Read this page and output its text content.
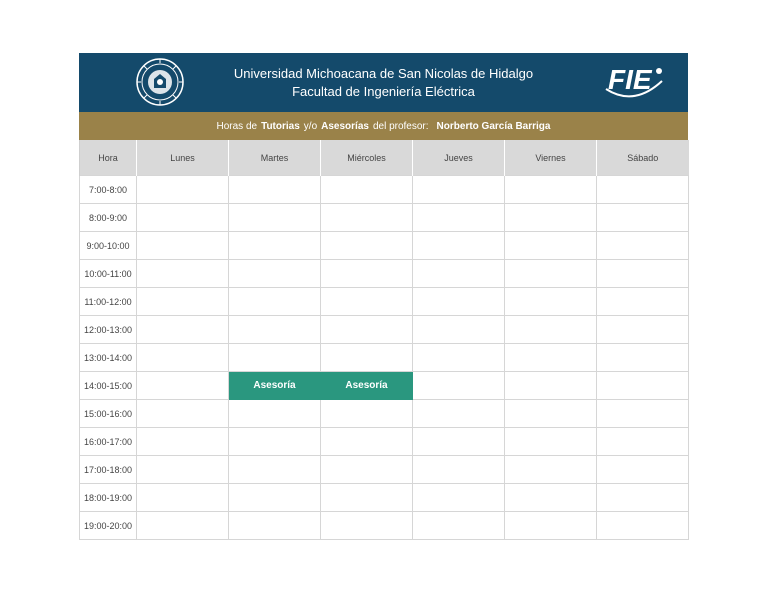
Universidad Michoacana de San Nicolas de Hidalgo
Facultad de Ingeniería Eléctrica	FIE
Horas de Tutorias y/o Asesorías del profesor: Norberto García Barriga
Hora	Lunes	Martes	Miércoles	Jueves	Viernes	Sábado
7:00-8:00						
8:00-9:00						
9:00-10:00						
10:00-11:00						
11:00-12:00						
12:00-13:00						
13:00-14:00						
14:00-15:00		Asesoría	Asesoría			
15:00-16:00						
16:00-17:00						
17:00-18:00						
18:00-19:00						
19:00-20:00						
